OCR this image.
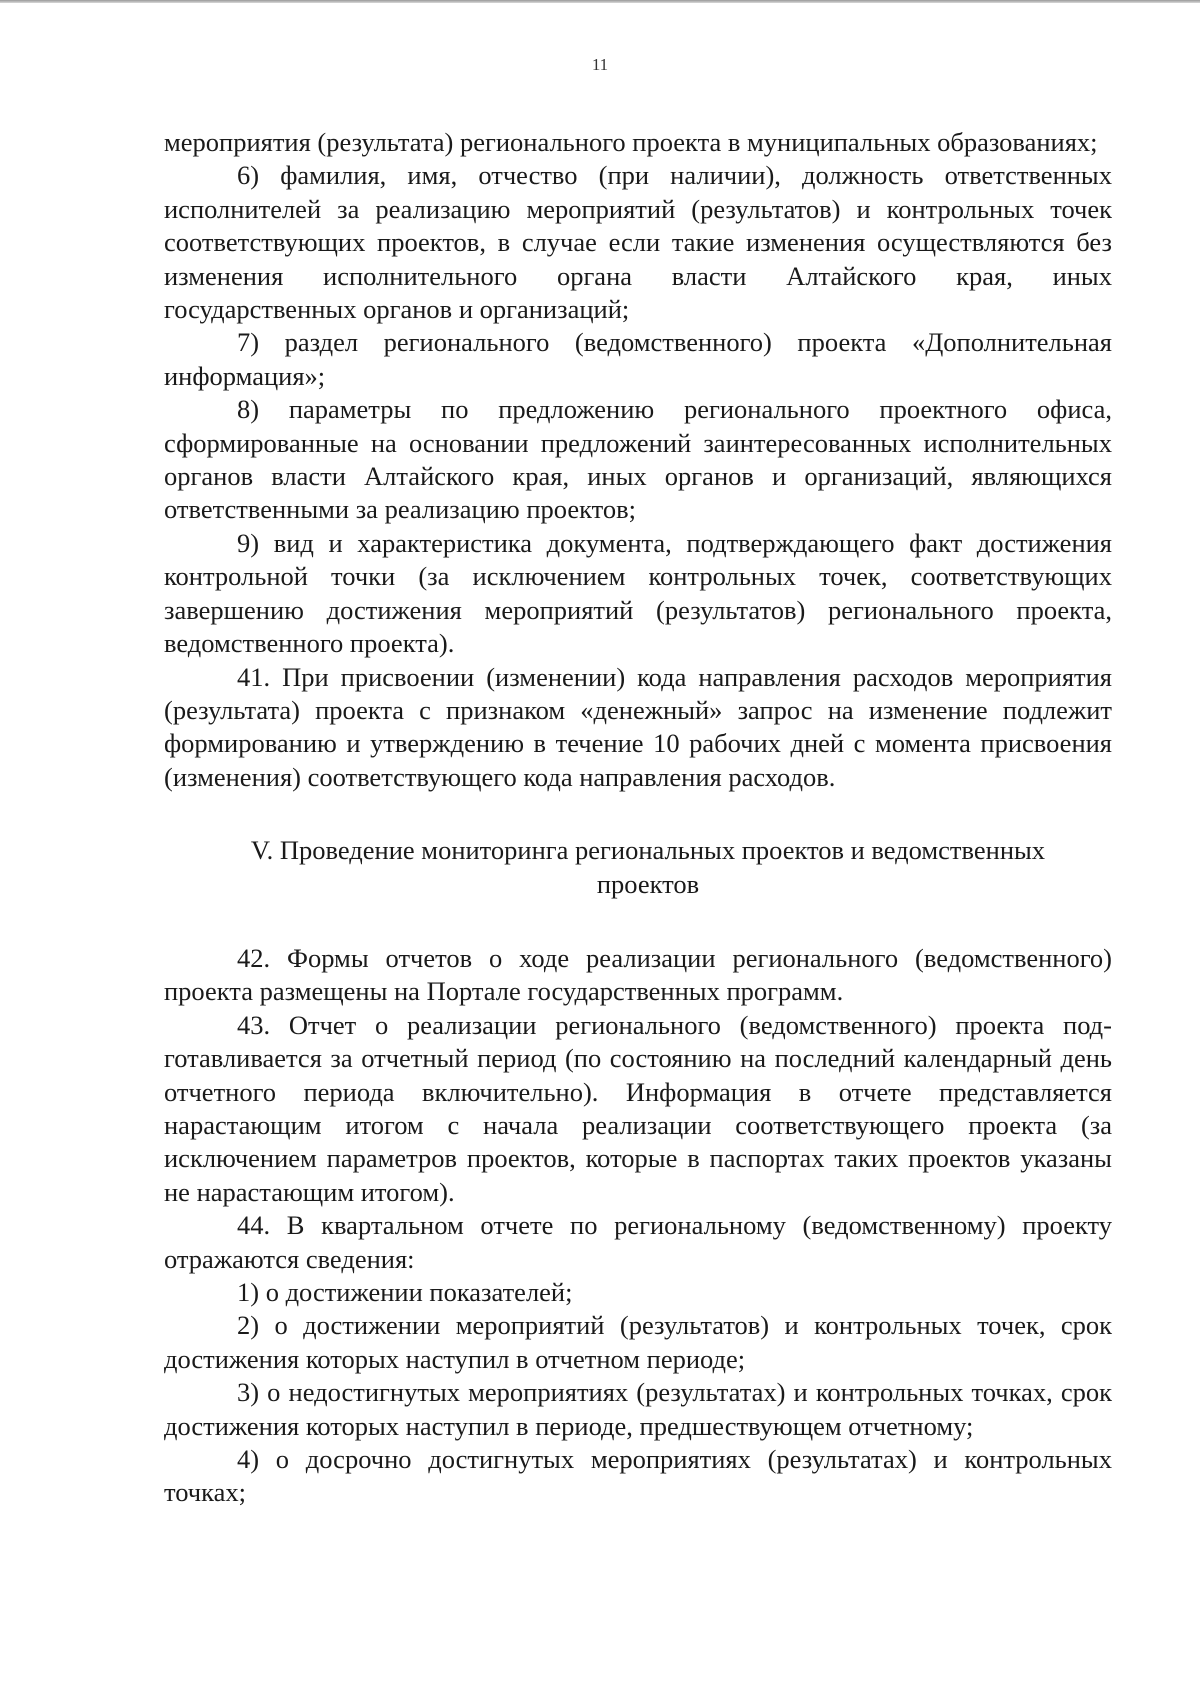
11

мероприятия (результата) регионального проекта в муниципальных образованиях;

6) фамилия, имя, отчество (при наличии), должность ответственных исполнителей за реализацию мероприятий (результатов) и контрольных точек соответствующих проектов, в случае если такие изменения осуществляются без изменения исполнительного органа власти Алтайского края, иных государственных органов и организаций;

7) раздел регионального (ведомственного) проекта «Дополнительная информация»;

8) параметры по предложению регионального проектного офиса, сформированные на основании предложений заинтересованных исполнительных органов власти Алтайского края, иных органов и организаций, являющихся ответственными за реализацию проектов;

9) вид и характеристика документа, подтверждающего факт достижения контрольной точки (за исключением контрольных точек, соответствующих завершению достижения мероприятий (результатов) регионального проекта, ведомственного проекта).

41. При присвоении (изменении) кода направления расходов мероприятия (результата) проекта с признаком «денежный» запрос на изменение подлежит формированию и утверждению в течение 10 рабочих дней с момента присвоения (изменения) соответствующего кода направления расходов.

V. Проведение мониторинга региональных проектов и ведомственных проектов

42. Формы отчетов о ходе реализации регионального (ведомственного) проекта размещены на Портале государственных программ.

43. Отчет о реализации регионального (ведомственного) проекта подготавливается за отчетный период (по состоянию на последний календарный день отчетного периода включительно). Информация в отчете представляется нарастающим итогом с начала реализации соответствующего проекта (за исключением параметров проектов, которые в паспортах таких проектов указаны не нарастающим итогом).

44. В квартальном отчете по региональному (ведомственному) проекту отражаются сведения:

1) о достижении показателей;

2) о достижении мероприятий (результатов) и контрольных точек, срок достижения которых наступил в отчетном периоде;

3) о недостигнутых мероприятиях (результатах) и контрольных точках, срок достижения которых наступил в периоде, предшествующем отчетному;

4) о досрочно достигнутых мероприятиях (результатах) и контрольных точках;
